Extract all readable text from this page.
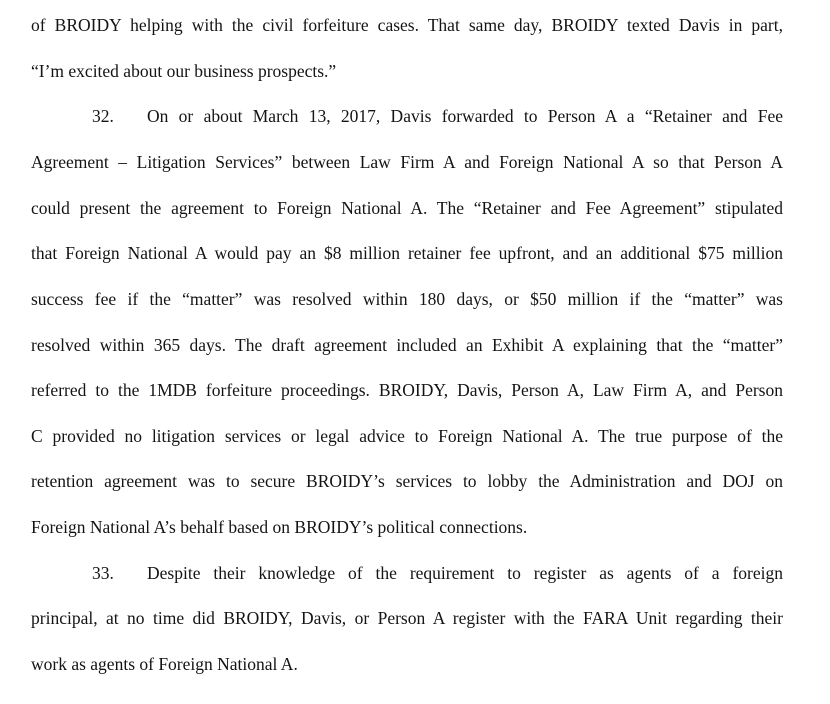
of BROIDY helping with the civil forfeiture cases. That same day, BROIDY texted Davis in part,
“I’m excited about our business prospects.”
32. On or about March 13, 2017, Davis forwarded to Person A a “Retainer and Fee
Agreement – Litigation Services” between Law Firm A and Foreign National A so that Person A
could present the agreement to Foreign National A. The “Retainer and Fee Agreement” stipulated
that Foreign National A would pay an $8 million retainer fee upfront, and an additional $75 million
success fee if the “matter” was resolved within 180 days, or $50 million if the “matter” was
resolved within 365 days. The draft agreement included an Exhibit A explaining that the “matter”
referred to the 1MDB forfeiture proceedings. BROIDY, Davis, Person A, Law Firm A, and Person
C provided no litigation services or legal advice to Foreign National A. The true purpose of the
retention agreement was to secure BROIDY’s services to lobby the Administration and DOJ on
Foreign National A’s behalf based on BROIDY’s political connections.
33. Despite their knowledge of the requirement to register as agents of a foreign
principal, at no time did BROIDY, Davis, or Person A register with the FARA Unit regarding their
work as agents of Foreign National A.
